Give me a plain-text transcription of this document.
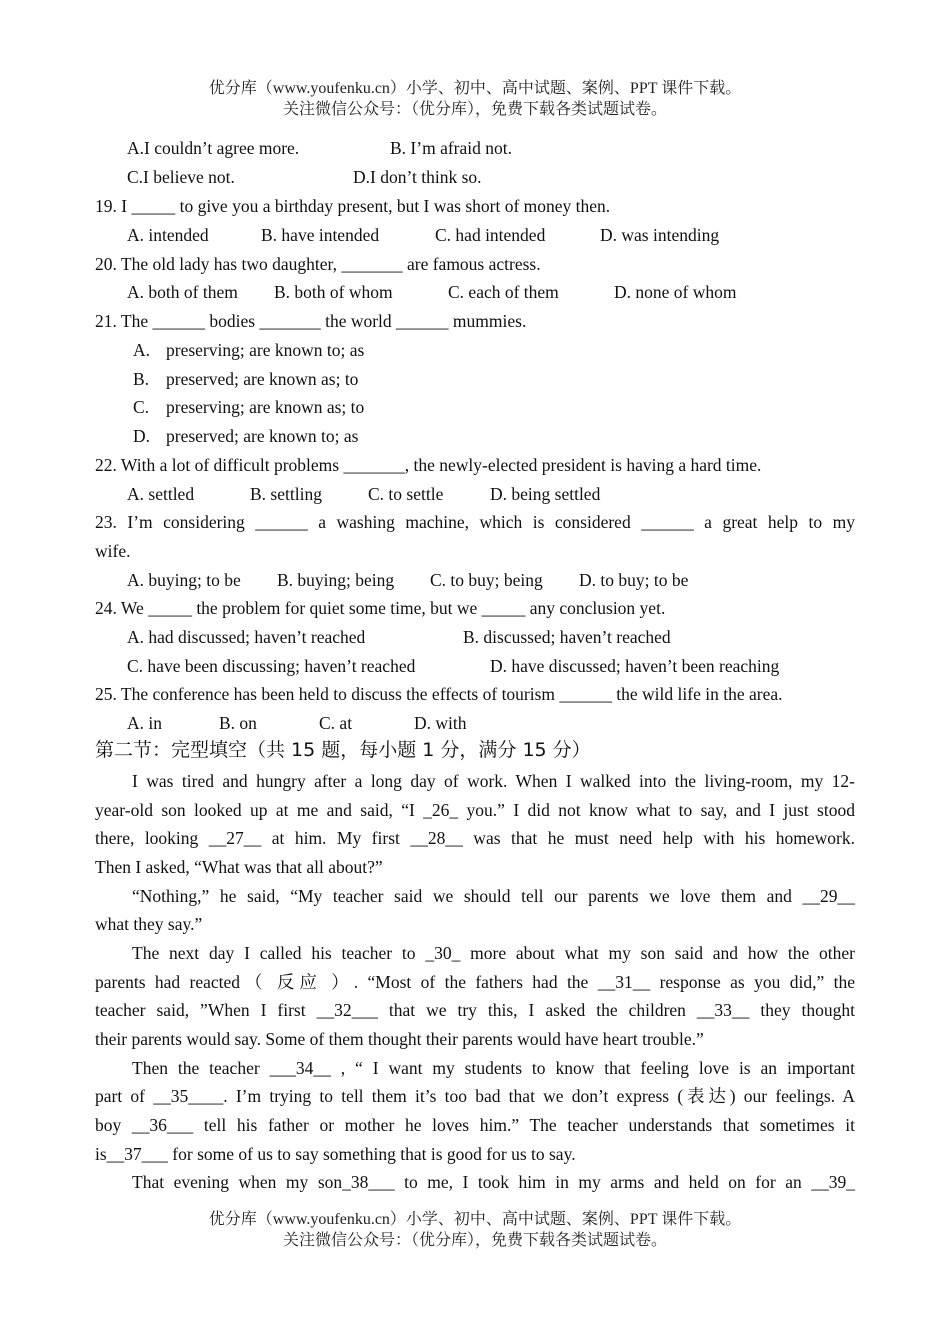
优分库（www.youfenku.cn）小学、初中、高中试题、案例、PPT 课件下载。
关注微信公众号：（优分库），免费下载各类试题试卷。
A.I couldn’t agree more.	B. I’m afraid not.
C.I believe not.	D.I don’t think so.
19. I _____ to give you a birthday present, but I was short of money then.
A. intended	B. have intended	C. had intended	D. was intending
20. The old lady has two daughter, _______ are famous actress.
A. both of them B. both of whom	C. each of them	D. none of whom
21. The ______ bodies _______ the world ______ mummies.
A. preserving; are known to; as
B. preserved; are known as; to
C. preserving; are known as; to
D. preserved; are known to; as
22. With a lot of difficult problems _______, the newly-elected president is having a hard time.
A. settled	B. settling	C. to settle	D. being settled
23. I’m considering ______ a washing machine, which is considered ______ a great help to my
wife.
A. buying; to be B. buying; being C. to buy; being D. to buy; to be
24. We _____ the problem for quiet some time, but we _____ any conclusion yet.
A. had discussed; haven’t reached	B. discussed; haven’t reached
C. have been discussing; haven’t reached	D. have discussed; haven’t been reaching
25. The conference has been held to discuss the effects of tourism ______ the wild life in the area.
A. in	B. on	C. at	D. with
第二节：完型填空（共 15 题，每小题 1 分，满分 15 分）
I was tired and hungry after a long day of work. When I walked into the living-room, my 12-
year-old son looked up at me and said, “I _26_ you.” I did not know what to say, and I just stood
there, looking __27__ at him. My first __28__ was that he must need help with his homework.
Then I asked, “What was that all about?”
“Nothing,” he said, “My teacher said we should tell our parents we love them and __29__
what they say.”
The next day I called his teacher to _30_ more about what my son said and how the other
parents had reacted（ 反应 ）. “Most of the fathers had the __31__ response as you did,” the
teacher said, ”When I first __32___ that we try this, I asked the children __33__ they thought
their parents would say. Some of them thought their parents would have heart trouble.”
Then the teacher ___34__ , “ I want my students to know that feeling love is an important
part of __35____. I’m trying to tell them it’s too bad that we don’t express (表达) our feelings. A
boy __36___ tell his father or mother he loves him.” The teacher understands that sometimes it
is__37___ for some of us to say something that is good for us to say.
That evening when my son_38___ to me, I took him in my arms and held on for an __39_
优分库（www.youfenku.cn）小学、初中、高中试题、案例、PPT 课件下载。
关注微信公众号：（优分库），免费下载各类试题试卷。
